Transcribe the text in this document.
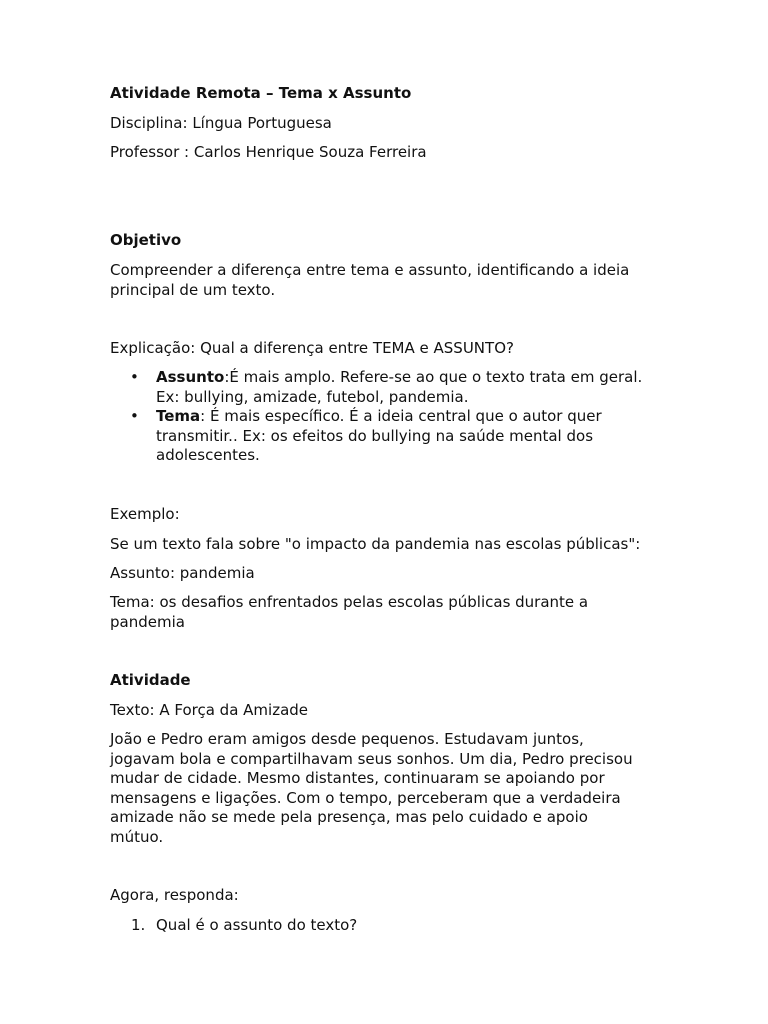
Atividade Remota – Tema x Assunto
Disciplina: Língua Portuguesa
Professor : Carlos Henrique Souza Ferreira
Objetivo
Compreender a diferença entre tema e assunto, identificando a ideia
principal de um texto.
Explicação: Qual a diferença entre TEMA e ASSUNTO?
• Assunto:É mais amplo. Refere-se ao que o texto trata em geral.
Ex: bullying, amizade, futebol, pandemia.
• Tema: É mais específico. É a ideia central que o autor quer
transmitir.. Ex: os efeitos do bullying na saúde mental dos
adolescentes.
Exemplo:
Se um texto fala sobre "o impacto da pandemia nas escolas públicas":
Assunto: pandemia
Tema: os desafios enfrentados pelas escolas públicas durante a
pandemia
Atividade
Texto: A Força da Amizade
João e Pedro eram amigos desde pequenos. Estudavam juntos,
jogavam bola e compartilhavam seus sonhos. Um dia, Pedro precisou
mudar de cidade. Mesmo distantes, continuaram se apoiando por
mensagens e ligações. Com o tempo, perceberam que a verdadeira
amizade não se mede pela presença, mas pelo cuidado e apoio
mútuo.
Agora, responda:
1. Qual é o assunto do texto?
